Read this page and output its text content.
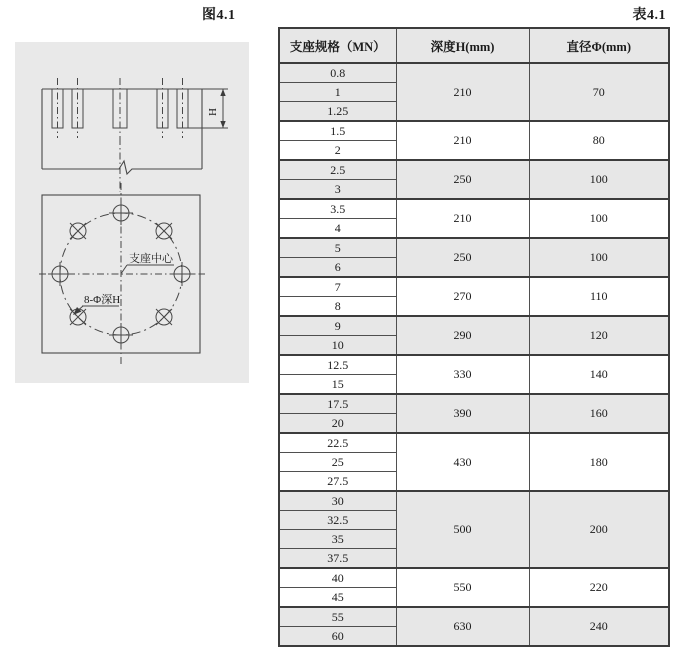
图4.1	表4.1
H
支座中心
8-Φ深H
支座规格（MN）	深度H(mm)	直径Φ(mm)
0.8	210	70
1		
1.25		
1.5	210	80
2		
2.5	250	100
3		
3.5	210	100
4		
5	250	100
6		
7	270	110
8		
9	290	120
10		
12.5	330	140
15		
17.5	390	160
20		
22.5	430	180
25		
27.5		
30	500	200
32.5		
35		
37.5		
40	550	220
45		
55	630	240
60		
